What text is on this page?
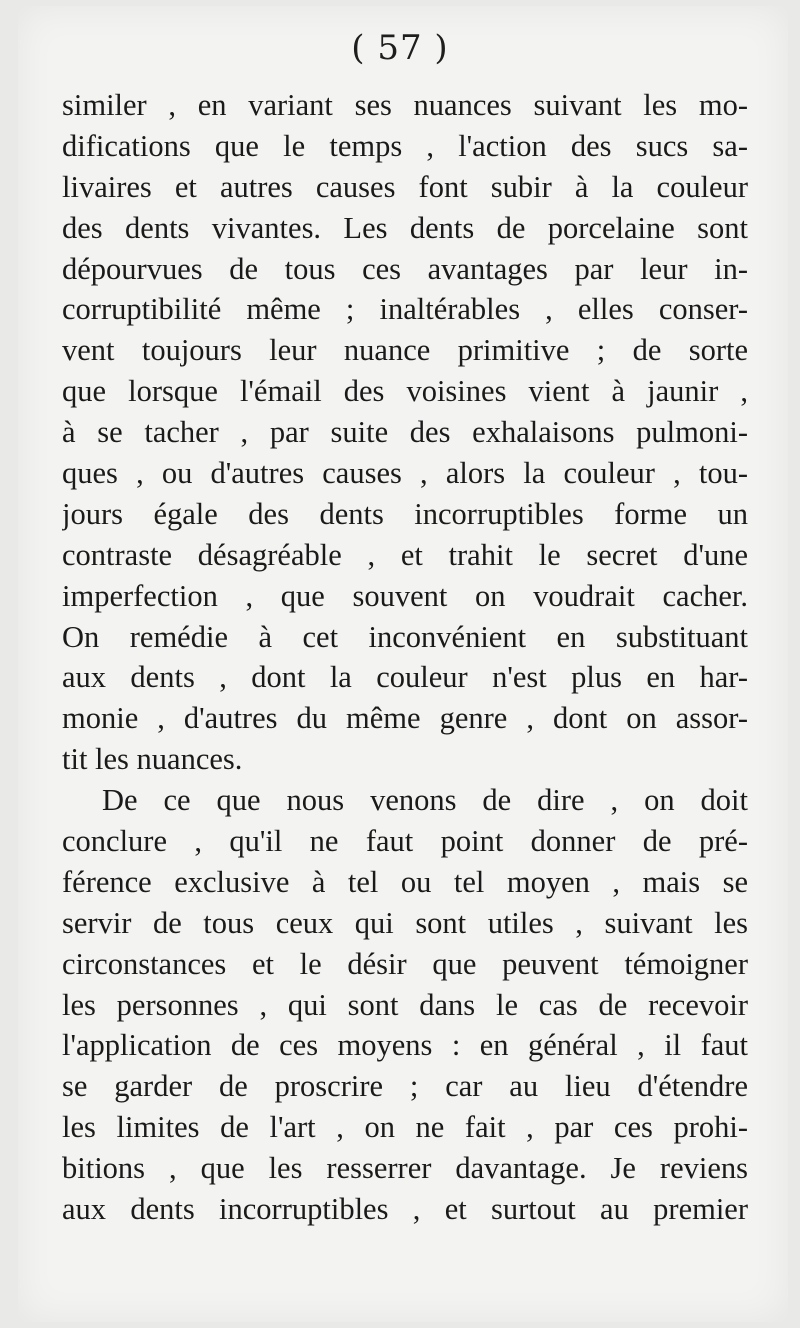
( 57 )
similer , en variant ses nuances suivant les mo-
difications que le temps , l'action des sucs sa-
livaires et autres causes font subir à la couleur
des dents vivantes. Les dents de porcelaine sont
dépourvues de tous ces avantages par leur in-
corruptibilité même ; inaltérables , elles conser-
vent toujours leur nuance primitive ; de sorte
que lorsque l'émail des voisines vient à jaunir ,
à se tacher , par suite des exhalaisons pulmoni-
ques , ou d'autres causes , alors la couleur , tou-
jours égale des dents incorruptibles forme un
contraste désagréable , et trahit le secret d'une
imperfection , que souvent on voudrait cacher.
On remédie à cet inconvénient en substituant
aux dents , dont la couleur n'est plus en har-
monie , d'autres du même genre , dont on assor-
tit les nuances.
De ce que nous venons de dire , on doit
conclure , qu'il ne faut point donner de pré-
férence exclusive à tel ou tel moyen , mais se
servir de tous ceux qui sont utiles , suivant les
circonstances et le désir que peuvent témoigner
les personnes , qui sont dans le cas de recevoir
l'application de ces moyens : en général , il faut
se garder de proscrire ; car au lieu d'étendre
les limites de l'art , on ne fait , par ces prohi-
bitions , que les resserrer davantage. Je reviens
aux dents incorruptibles , et surtout au premier
